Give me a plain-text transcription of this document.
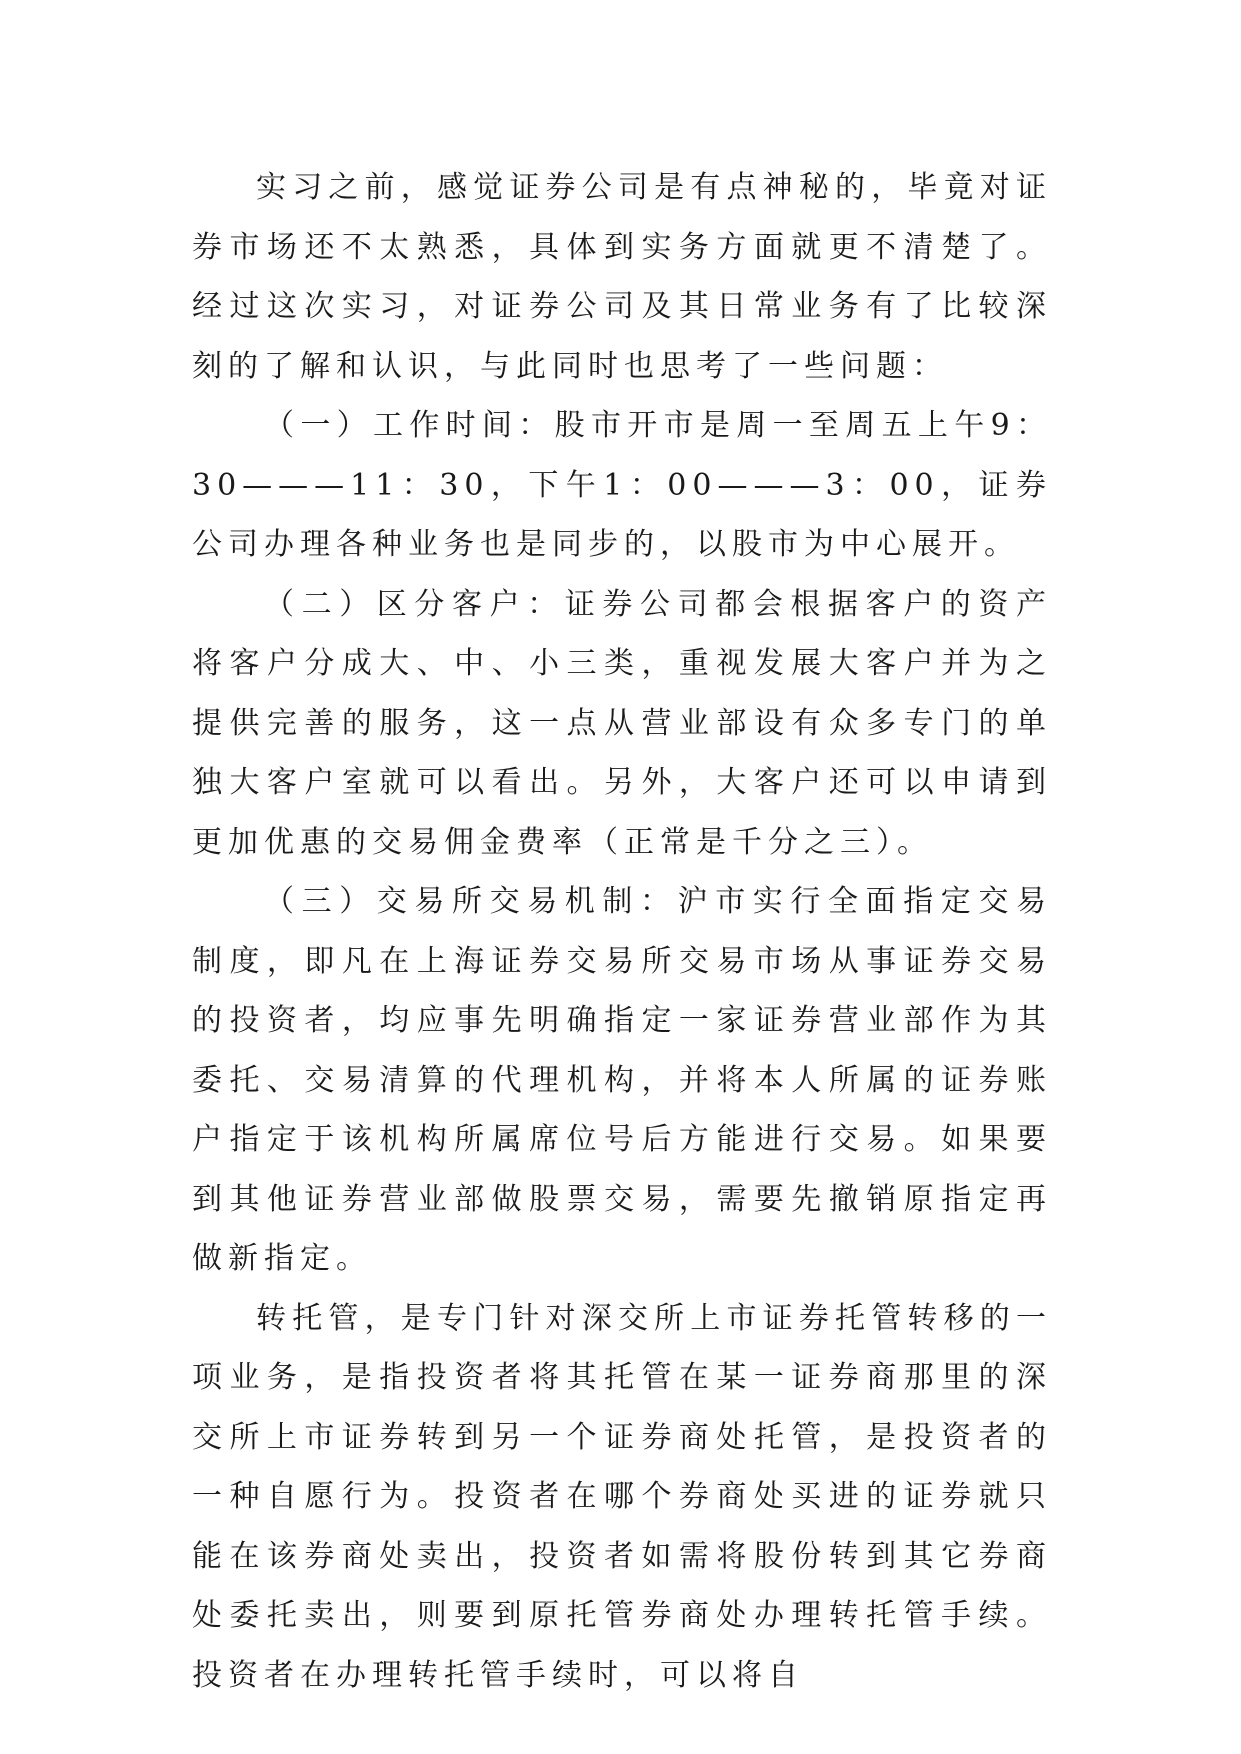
实习之前，感觉证券公司是有点神秘的，毕竟对证券市场还不太熟悉，具体到实务方面就更不清楚了。经过这次实习，对证券公司及其日常业务有了比较深刻的了解和认识，与此同时也思考了一些问题：

（一）工作时间：股市开市是周一至周五上午9：30———11：30，下午1：00———3：00，证券公司办理各种业务也是同步的，以股市为中心展开。

（二）区分客户：证券公司都会根据客户的资产将客户分成大、中、小三类，重视发展大客户并为之提供完善的服务，这一点从营业部设有众多专门的单独大客户室就可以看出。另外，大客户还可以申请到更加优惠的交易佣金费率（正常是千分之三）。

（三）交易所交易机制：沪市实行全面指定交易制度，即凡在上海证券交易所交易市场从事证券交易的投资者，均应事先明确指定一家证券营业部作为其委托、交易清算的代理机构，并将本人所属的证券账户指定于该机构所属席位号后方能进行交易。如果要到其他证券营业部做股票交易，需要先撤销原指定再做新指定。

转托管，是专门针对深交所上市证券托管转移的一项业务，是指投资者将其托管在某一证券商那里的深交所上市证券转到另一个证券商处托管，是投资者的一种自愿行为。投资者在哪个券商处买进的证券就只能在该券商处卖出，投资者如需将股份转到其它券商处委托卖出，则要到原托管券商处办理转托管手续。投资者在办理转托管手续时，可以将自
